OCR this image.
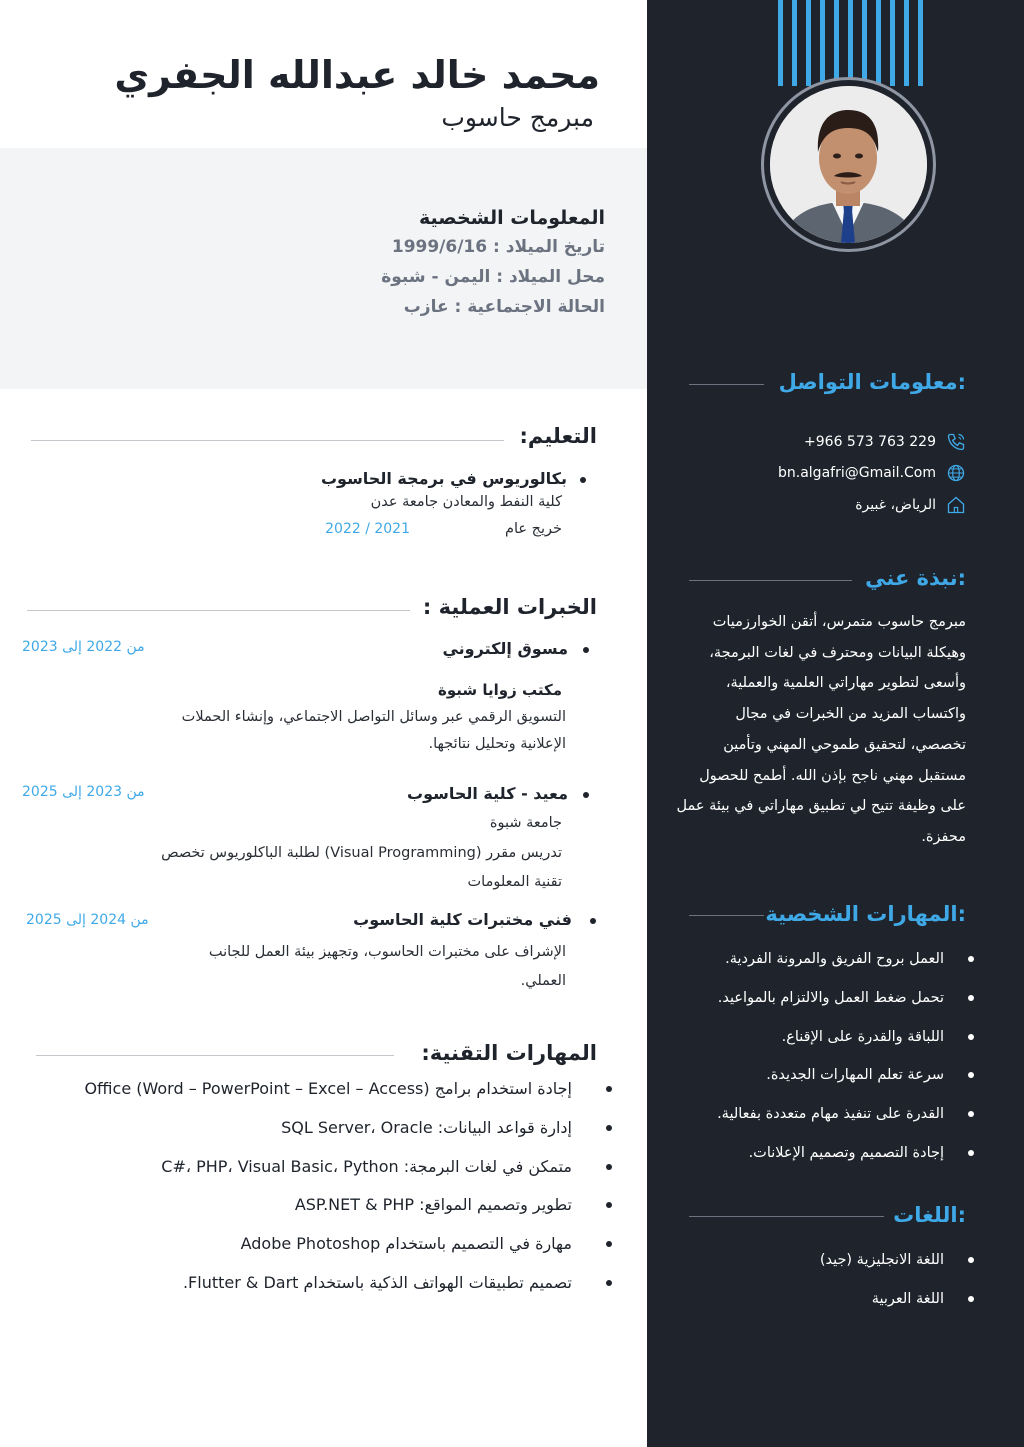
معلومات التواصل:
+966 573 763 229
bn.algafri@Gmail.Com
الرياض، غبيرة
نبذة عني:

مبرمج حاسوب متمرس، أتقن الخوارزميات وهيكلة البيانات ومحترف في لغات البرمجة، وأسعى لتطوير مهاراتي العلمية والعملية، واكتساب المزيد من الخبرات في مجال تخصصي، لتحقيق طموحي المهني وتأمين مستقبل مهني ناجح بإذن الله. أطمح للحصول على وظيفة تتيح لي تطبيق مهاراتي في بيئة عمل محفزة.

المهارات الشخصية:
العمل بروح الفريق والمرونة الفردية.
تحمل ضغط العمل والالتزام بالمواعيد.
اللباقة والقدرة على الإقناع.
سرعة تعلم المهارات الجديدة.
القدرة على تنفيذ مهام متعددة بفعالية.
إجادة التصميم وتصميم الإعلانات.
اللغات:
اللغة الانجليزية (جيد)
اللغة العربية
محمد خالد عبدالله الجفري
مبرمج حاسوب
المعلومات الشخصية
تاريخ الميلاد : 1999/6/16
محل الميلاد : اليمن - شبوة
الحالة الاجتماعية : عازب
التعليم:
بكالوريوس في برمجة الحاسوب
كلية النفط والمعادن جامعة عدن
خريج عام
2022 / 2021
الخبرات العملية :
مسوق إلكتروني
من 2022 إلى 2023
مكتب زوايا شبوة
التسويق الرقمي عبر وسائل التواصل الاجتماعي، وإنشاء الحملات
الإعلانية وتحليل نتائجها.
معيد - كلية الحاسوب
من 2023 إلى 2025
جامعة شبوة
تدريس مقرر (Visual Programming) لطلبة الباكلوريوس تخصص
تقنية المعلومات
فني مختبرات كلية الحاسوب
من 2024 إلى 2025
الإشراف على مختبرات الحاسوب، وتجهيز بيئة العمل للجانب
العملي.
المهارات التقنية:
إجادة استخدام برامج (Word – PowerPoint – Excel – Access) Office
إدارة قواعد البيانات: SQL Server، Oracle
متمكن في لغات البرمجة: C#، PHP، Visual Basic، Python
تطوير وتصميم المواقع: ASP.NET & PHP
مهارة في التصميم باستخدام Adobe Photoshop
تصميم تطبيقات الهواتف الذكية باستخدام Flutter & Dart.
